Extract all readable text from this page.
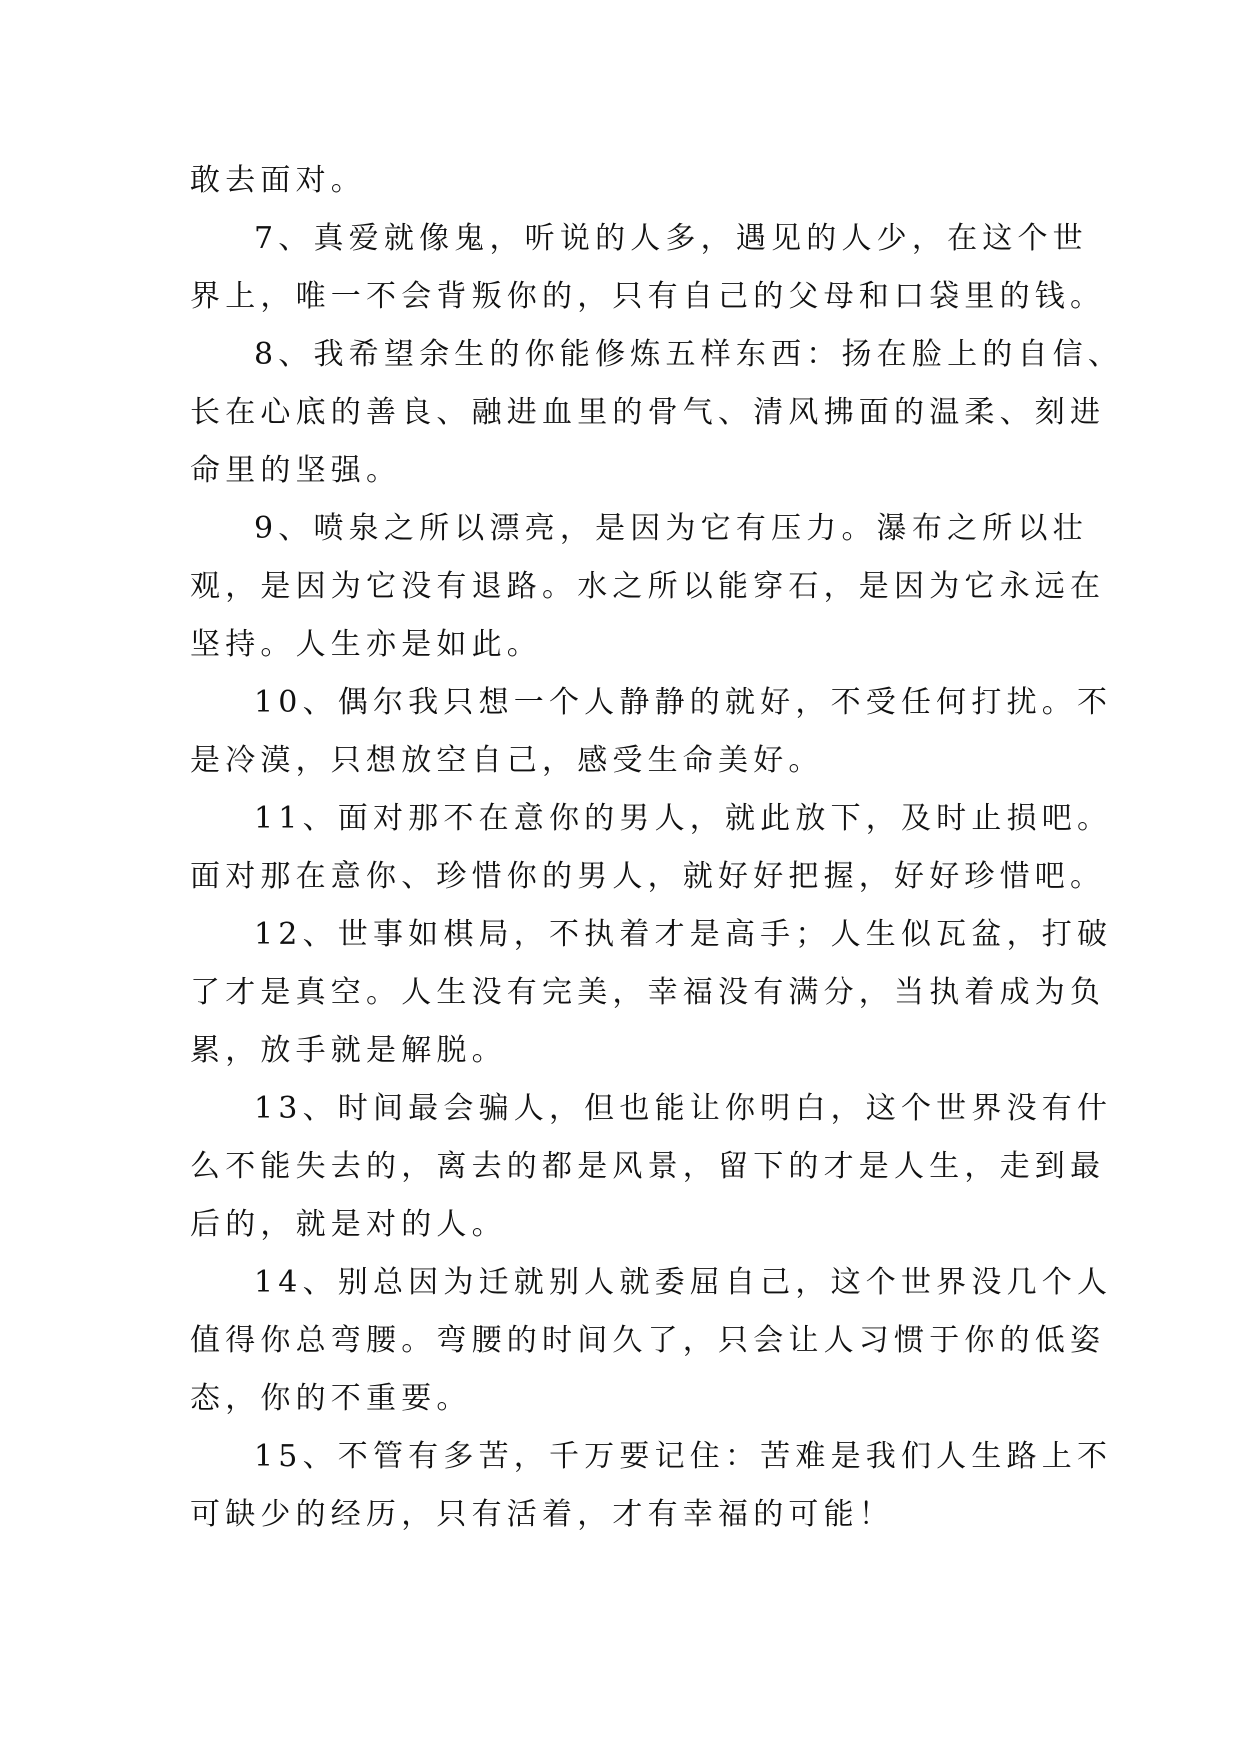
敢去面对。
7、真爱就像鬼，听说的人多，遇见的人少，在这个世
界上，唯一不会背叛你的，只有自己的父母和口袋里的钱。
8、我希望余生的你能修炼五样东西：扬在脸上的自信、
长在心底的善良、融进血里的骨气、清风拂面的温柔、刻进
命里的坚强。
9、喷泉之所以漂亮，是因为它有压力。瀑布之所以壮
观，是因为它没有退路。水之所以能穿石，是因为它永远在
坚持。人生亦是如此。
10、偶尔我只想一个人静静的就好，不受任何打扰。不
是冷漠，只想放空自己，感受生命美好。
11、面对那不在意你的男人，就此放下，及时止损吧。
面对那在意你、珍惜你的男人，就好好把握，好好珍惜吧。
12、世事如棋局，不执着才是高手；人生似瓦盆，打破
了才是真空。人生没有完美，幸福没有满分，当执着成为负
累，放手就是解脱。
13、时间最会骗人，但也能让你明白，这个世界没有什
么不能失去的，离去的都是风景，留下的才是人生，走到最
后的，就是对的人。
14、别总因为迁就别人就委屈自己，这个世界没几个人
值得你总弯腰。弯腰的时间久了，只会让人习惯于你的低姿
态，你的不重要。
15、不管有多苦，千万要记住：苦难是我们人生路上不
可缺少的经历，只有活着，才有幸福的可能！
